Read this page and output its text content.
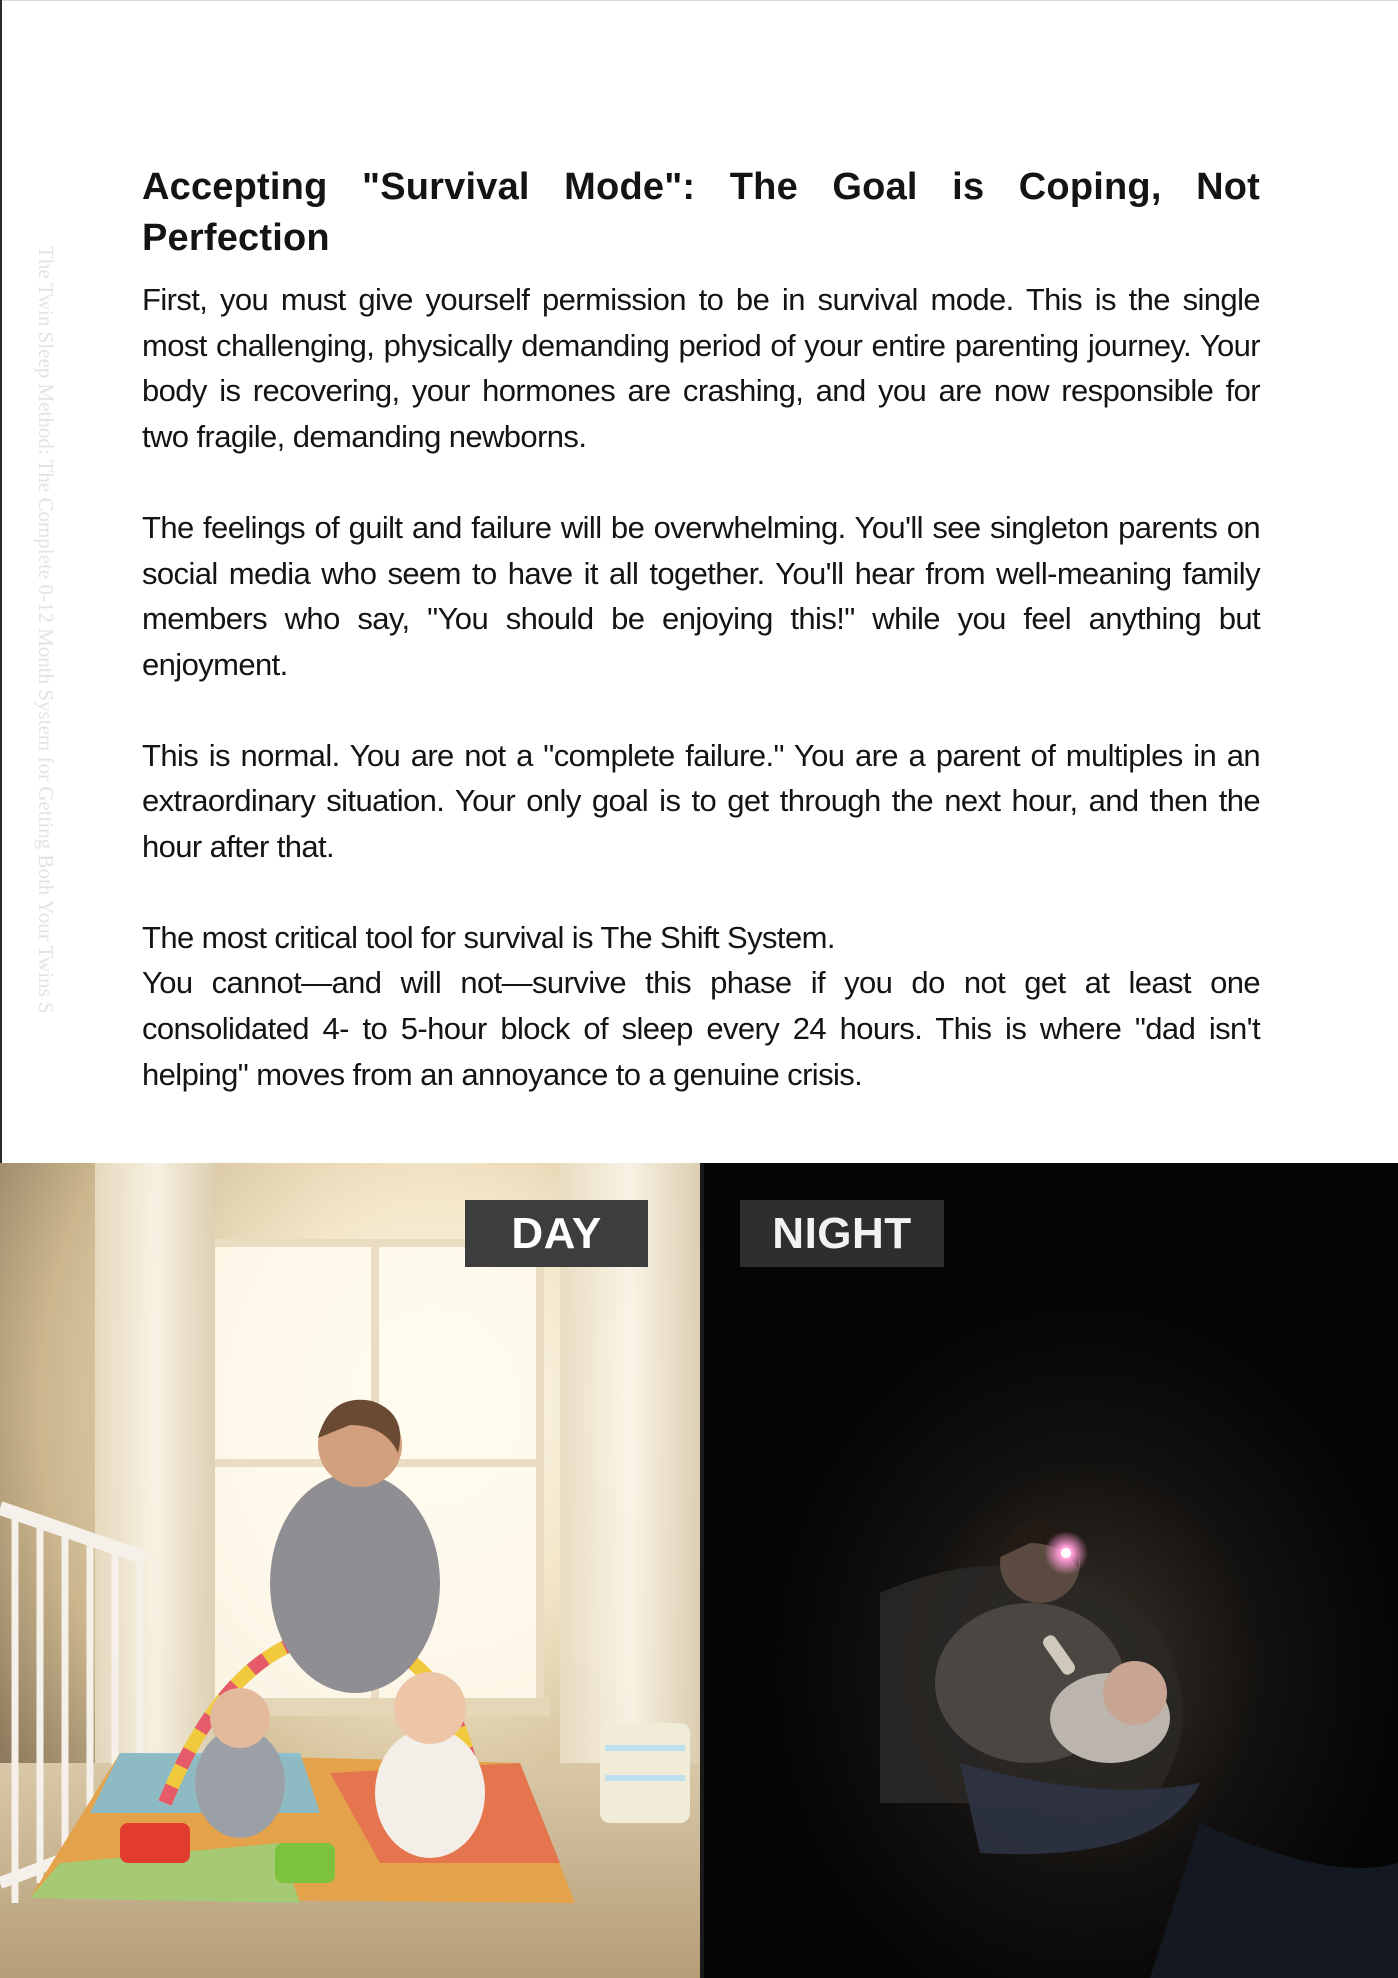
The Twin Sleep Method: The Complete 0-12 Month System for Getting Both Your Twins S
Accepting "Survival Mode": The Goal is Coping, Not Perfection

First, you must give yourself permission to be in survival mode. This is the single most challenging, physically demanding period of your entire parenting journey. Your body is recovering, your hormones are crashing, and you are now responsible for two fragile, demanding newborns.

The feelings of guilt and failure will be overwhelming. You'll see singleton parents on social media who seem to have it all together. You'll hear from well-meaning family members who say, "You should be enjoying this!" while you feel anything but enjoyment.

This is normal. You are not a "complete failure." You are a parent of multiples in an extraordinary situation. Your only goal is to get through the next hour, and then the hour after that.

The most critical tool for survival is The Shift System.

You cannot—and will not—survive this phase if you do not get at least one consolidated 4- to 5-hour block of sleep every 24 hours. This is where "dad isn't helping" moves from an annoyance to a genuine crisis.

DAY	NIGHT
